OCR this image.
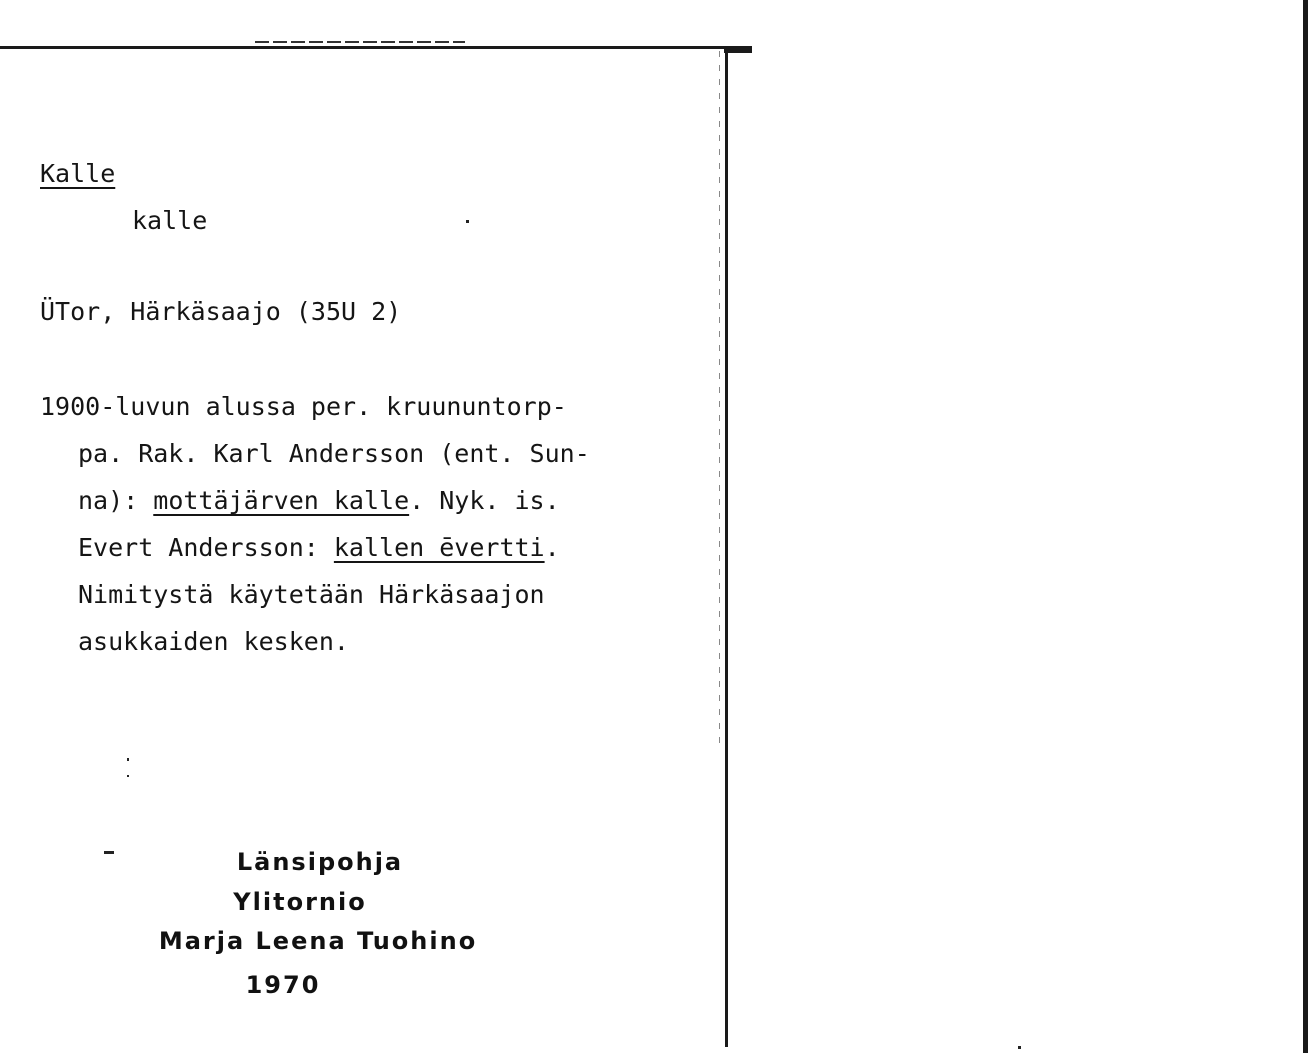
Kalle
kalle
ÜTor, Härkäsaajo (35U 2)
1900-luvun alussa per. kruununtorp-
pa. Rak. Karl Andersson (ent. Sun-
na): mottäjärven kalle. Nyk. is.
Evert Andersson: kallen ēvertti.
Nimitystä käytetään Härkäsaajon
asukkaiden kesken.
Länsipohja
Ylitornio
Marja Leena Tuohino
1970
